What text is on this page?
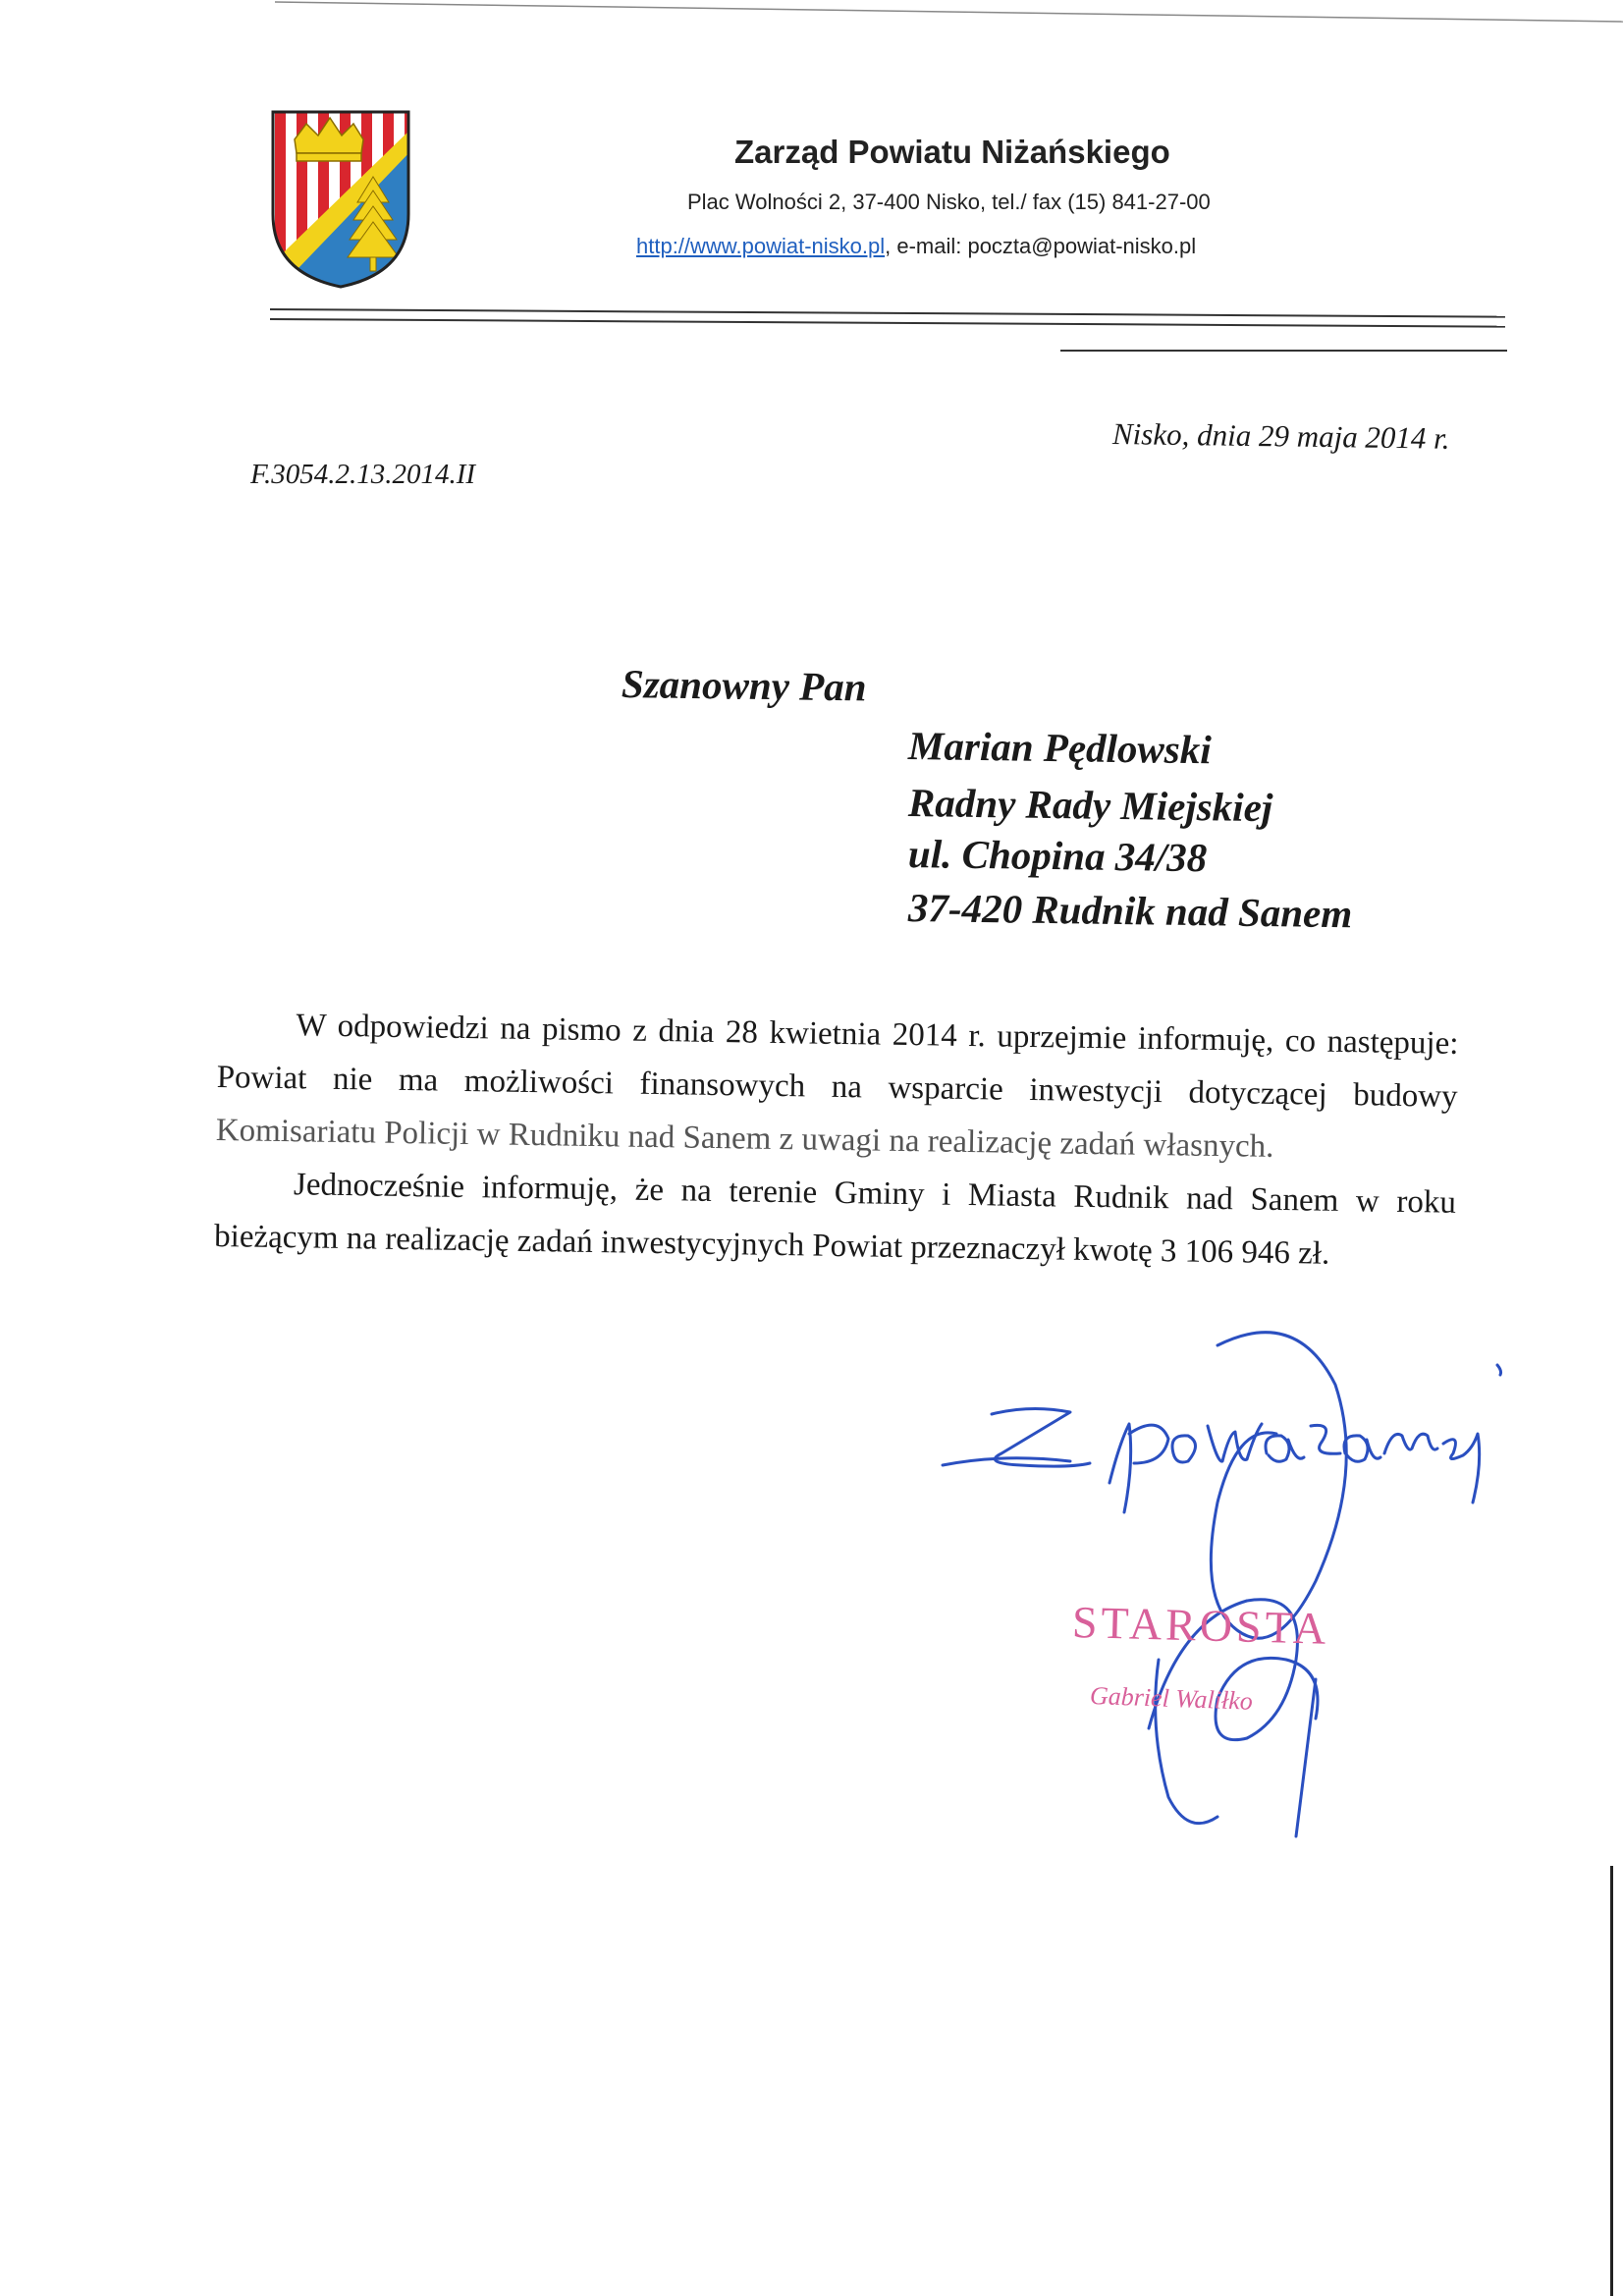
Zarząd Powiatu Niżańskiego
Plac Wolności 2, 37-400 Nisko, tel./ fax (15) 841-27-00
http://www.powiat-nisko.pl, e-mail: poczta@powiat-nisko.pl
Nisko, dnia 29 maja 2014 r.
F.3054.2.13.2014.II
Szanowny Pan
Marian Pędlowski
Radny Rady Miejskiej
ul. Chopina 34/38
37-420 Rudnik nad Sanem

W odpowiedzi na pismo z dnia 28 kwietnia 2014 r. uprzejmie informuję, co następuje: Powiat nie ma możliwości finansowych na wsparcie inwestycji dotyczącej budowy Komisariatu Policji w Rudniku nad Sanem z uwagi na realizację zadań własnych.

Jednocześnie informuję, że na terenie Gminy i Miasta Rudnik nad Sanem w roku bieżącym na realizację zadań inwestycyjnych Powiat przeznaczył kwotę 3 106 946 zł.

STAROSTA
Gabriel Waliłko
